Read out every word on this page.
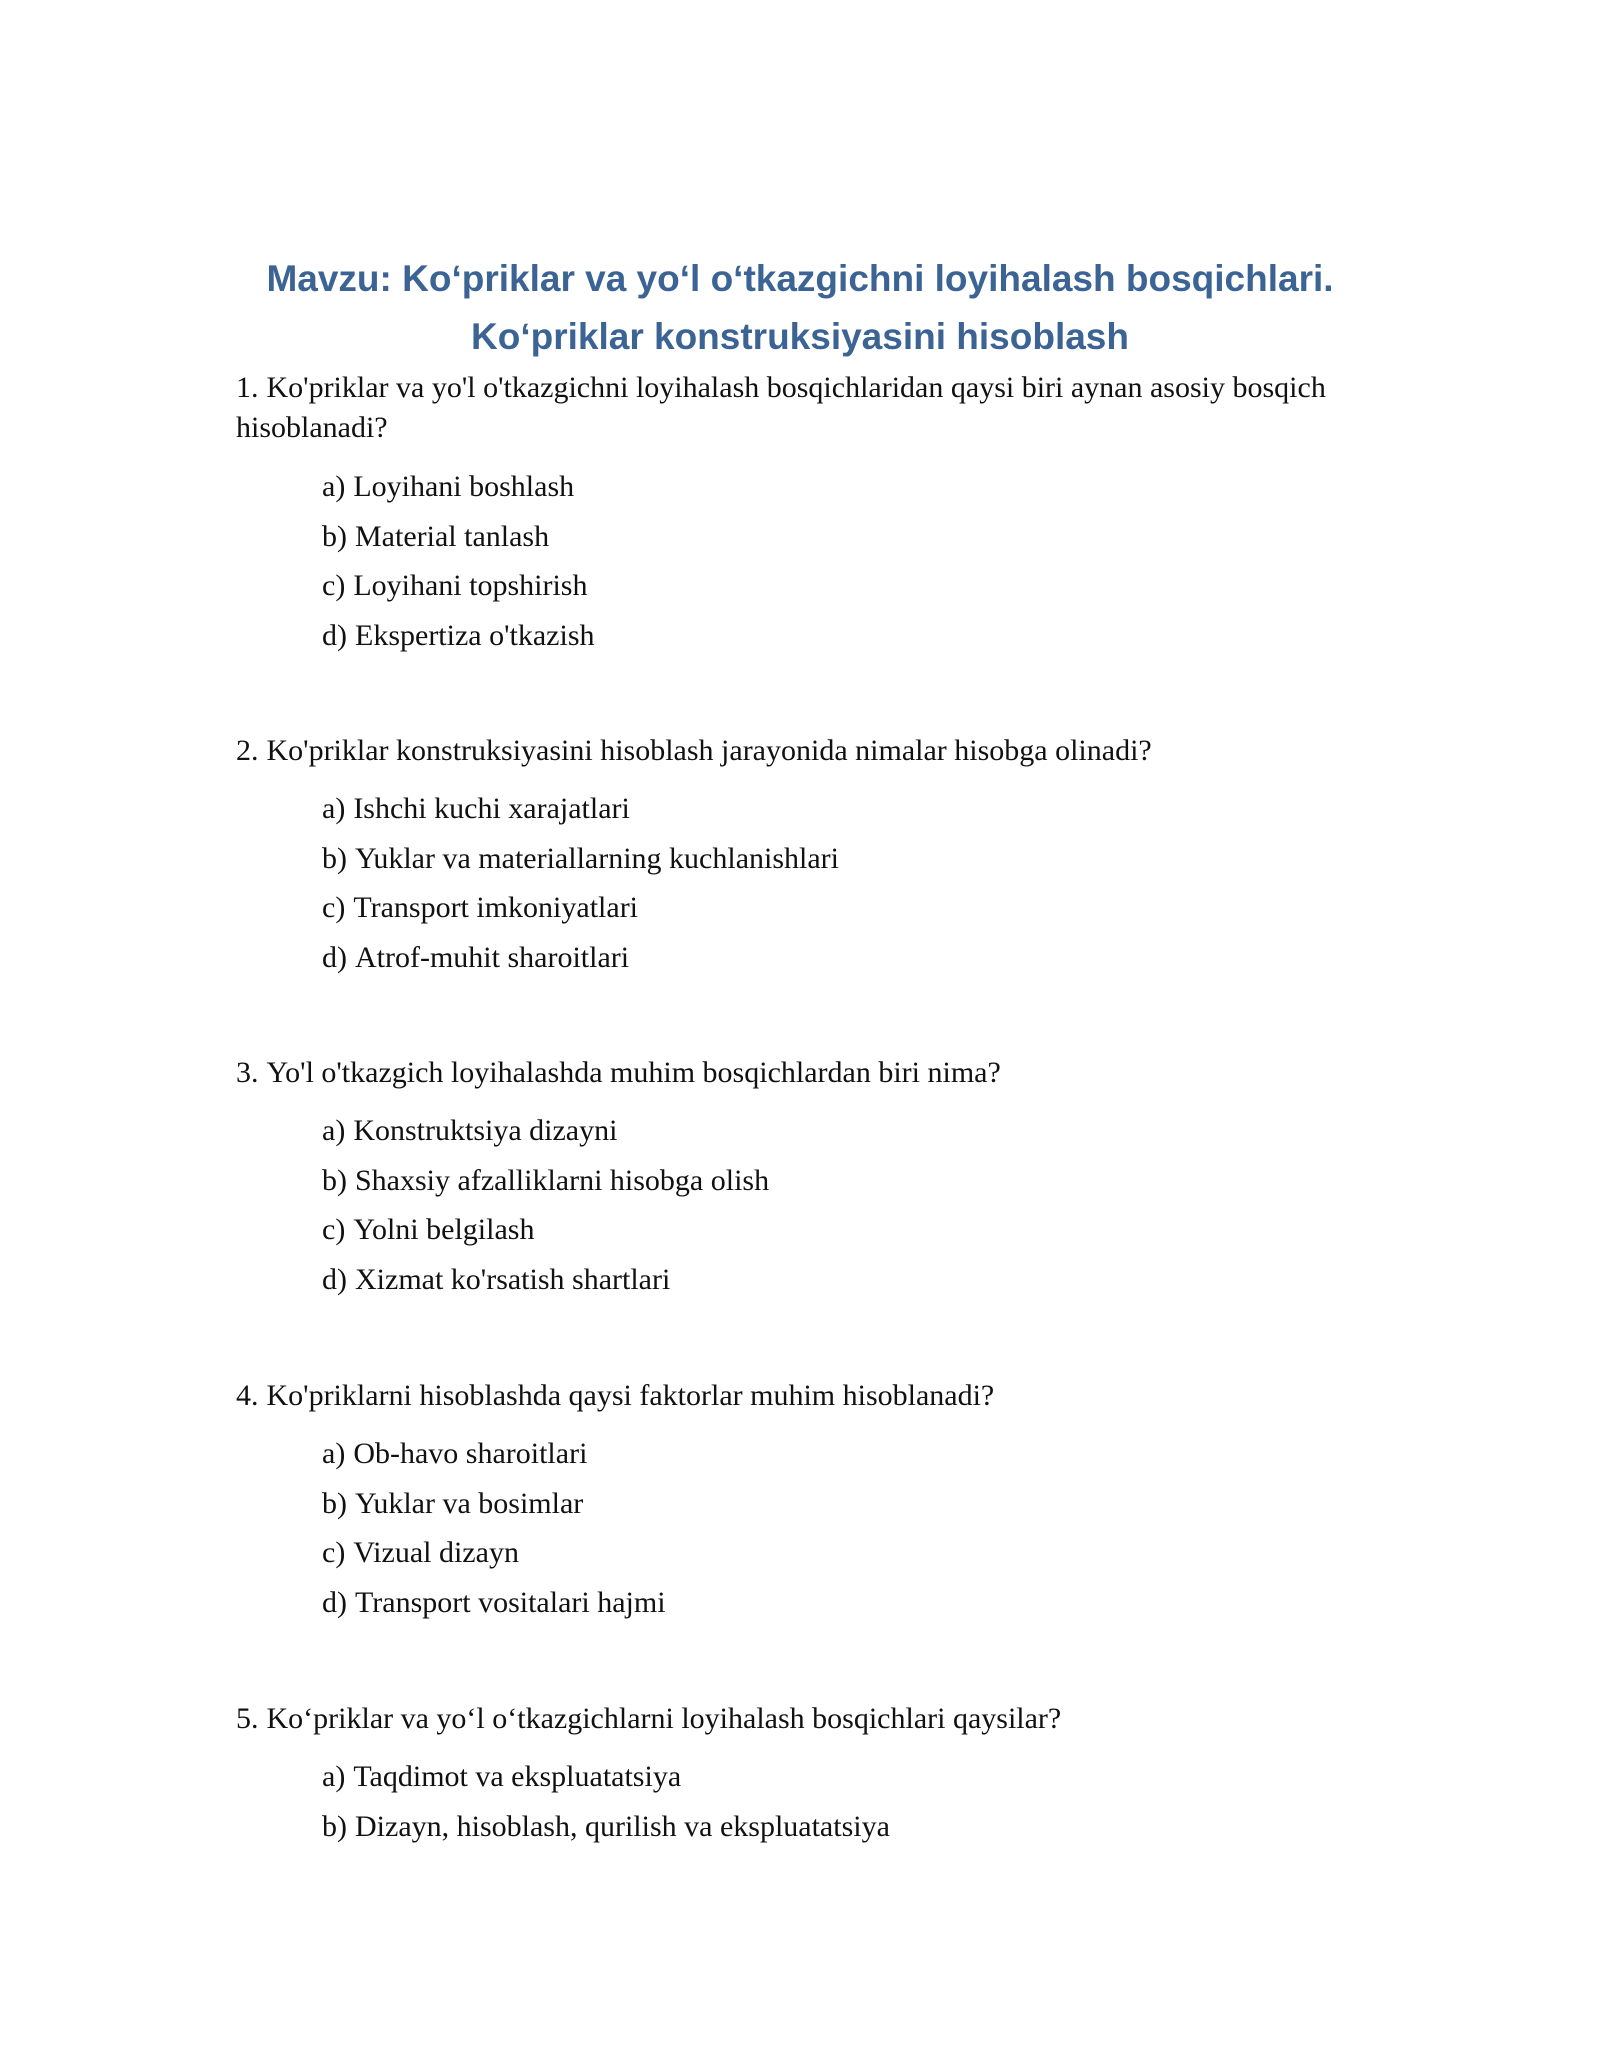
Mavzu: Ko‘priklar va yo‘l o‘tkazgichni loyihalash bosqichlari.
Ko‘priklar konstruksiyasini hisoblash
1. Ko'priklar va yo'l o'tkazgichni loyihalash bosqichlaridan qaysi biri aynan asosiy bosqich hisoblanadi?
a) Loyihani boshlash
b) Material tanlash
c) Loyihani topshirish
d) Ekspertiza o'tkazish
2. Ko'priklar konstruksiyasini hisoblash jarayonida nimalar hisobga olinadi?
a) Ishchi kuchi xarajatlari
b) Yuklar va materiallarning kuchlanishlari
c) Transport imkoniyatlari
d) Atrof-muhit sharoitlari
3. Yo'l o'tkazgich loyihalashda muhim bosqichlardan biri nima?
a) Konstruktsiya dizayni
b) Shaxsiy afzalliklarni hisobga olish
c) Yolni belgilash
d) Xizmat ko'rsatish shartlari
4. Ko'priklarni hisoblashda qaysi faktorlar muhim hisoblanadi?
a) Ob-havo sharoitlari
b) Yuklar va bosimlar
c) Vizual dizayn
d) Transport vositalari hajmi
5. Ko‘priklar va yo‘l o‘tkazgichlarni loyihalash bosqichlari qaysilar?
a) Taqdimot va ekspluatatsiya
b) Dizayn, hisoblash, qurilish va ekspluatatsiya
